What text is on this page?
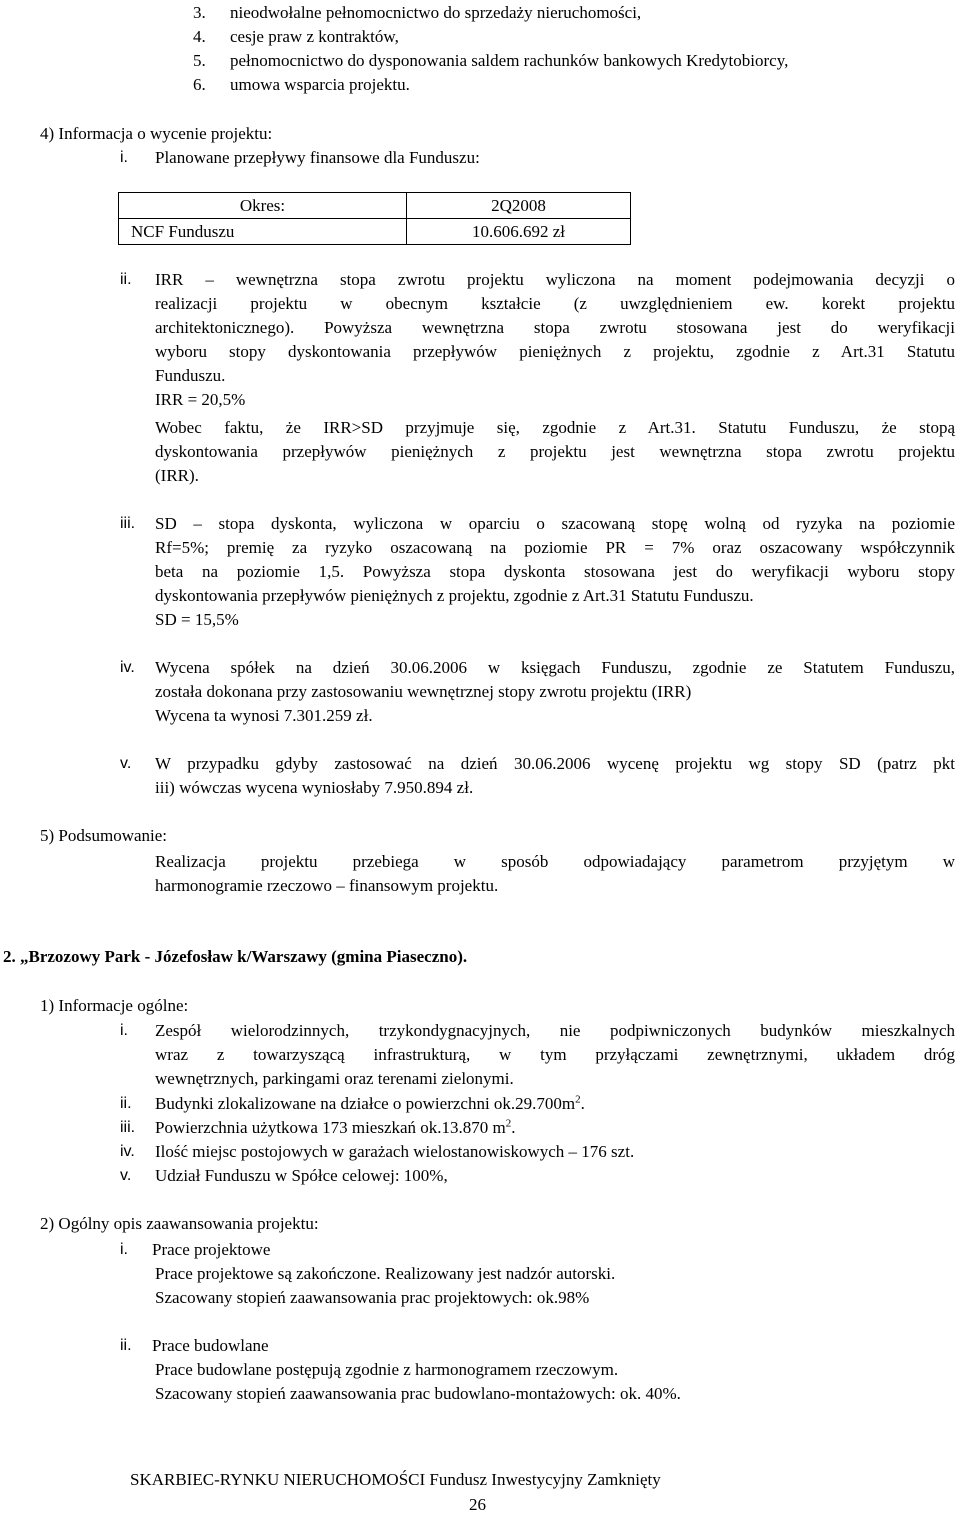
3. nieodwołalne pełnomocnictwo do sprzedaży nieruchomości,
4. cesje praw z kontraktów,
5. pełnomocnictwo do dysponowania saldem rachunków bankowych Kredytobiorcy,
6. umowa wsparcia projektu.
4) Informacja o wycenie projektu:
i. Planowane przepływy finansowe dla Funduszu:
Okres:	2Q2008
NCF Funduszu	10.606.692 zł
ii. IRR – wewnętrzna stopa zwrotu projektu wyliczona na moment podejmowania decyzji o
realizacji projektu w obecnym kształcie (z uwzględnieniem ew. korekt projektu
architektonicznego). Powyższa wewnętrzna stopa zwrotu stosowana jest do weryfikacji
wyboru stopy dyskontowania przepływów pieniężnych z projektu, zgodnie z Art.31 Statutu
Funduszu.
IRR = 20,5%
Wobec faktu, że IRR>SD przyjmuje się, zgodnie z Art.31. Statutu Funduszu, że stopą
dyskontowania przepływów pieniężnych z projektu jest wewnętrzna stopa zwrotu projektu
(IRR).
iii. SD – stopa dyskonta, wyliczona w oparciu o szacowaną stopę wolną od ryzyka na poziomie
Rf=5%; premię za ryzyko oszacowaną na poziomie PR = 7% oraz oszacowany współczynnik
beta na poziomie 1,5. Powyższa stopa dyskonta stosowana jest do weryfikacji wyboru stopy
dyskontowania przepływów pieniężnych z projektu, zgodnie z Art.31 Statutu Funduszu.
SD = 15,5%
iv. Wycena spółek na dzień 30.06.2006 w księgach Funduszu, zgodnie ze Statutem Funduszu,
została dokonana przy zastosowaniu wewnętrznej stopy zwrotu projektu (IRR)
Wycena ta wynosi 7.301.259 zł.
v. W przypadku gdyby zastosować na dzień 30.06.2006 wycenę projektu wg stopy SD (patrz pkt
iii) wówczas wycena wyniosłaby 7.950.894 zł.
5) Podsumowanie:
Realizacja projektu przebiega w sposób odpowiadający parametrom przyjętym w
harmonogramie rzeczowo – finansowym projektu.
2. „Brzozowy Park - Józefosław k/Warszawy (gmina Piaseczno).
1) Informacje ogólne:
i. Zespół wielorodzinnych, trzykondygnacyjnych, nie podpiwniczonych budynków mieszkalnych
wraz z towarzyszącą infrastrukturą, w tym przyłączami zewnętrznymi, układem dróg
wewnętrznych, parkingami oraz terenami zielonymi.
ii. Budynki zlokalizowane na działce o powierzchni $ok.29.700m^2$.
iii. Powierzchnia użytkowa 173 mieszkań ok.13.870 $m^2$.
iv. Ilość miejsc postojowych w garażach wielostanowiskowych – 176 szt.
v. Udział Funduszu w Spółce celowej: 100%,
2) Ogólny opis zaawansowania projektu:
i. Prace projektowe
Prace projektowe są zakończone. Realizowany jest nadzór autorski.
Szacowany stopień zaawansowania prac projektowych: ok.98%
ii. Prace budowlane
Prace budowlane postępują zgodnie z harmonogramem rzeczowym.
Szacowany stopień zaawansowania prac budowlano-montażowych: ok. 40%.
SKARBIEC-RYNKU NIERUCHOMOŚCI Fundusz Inwestycyjny Zamknięty
26
